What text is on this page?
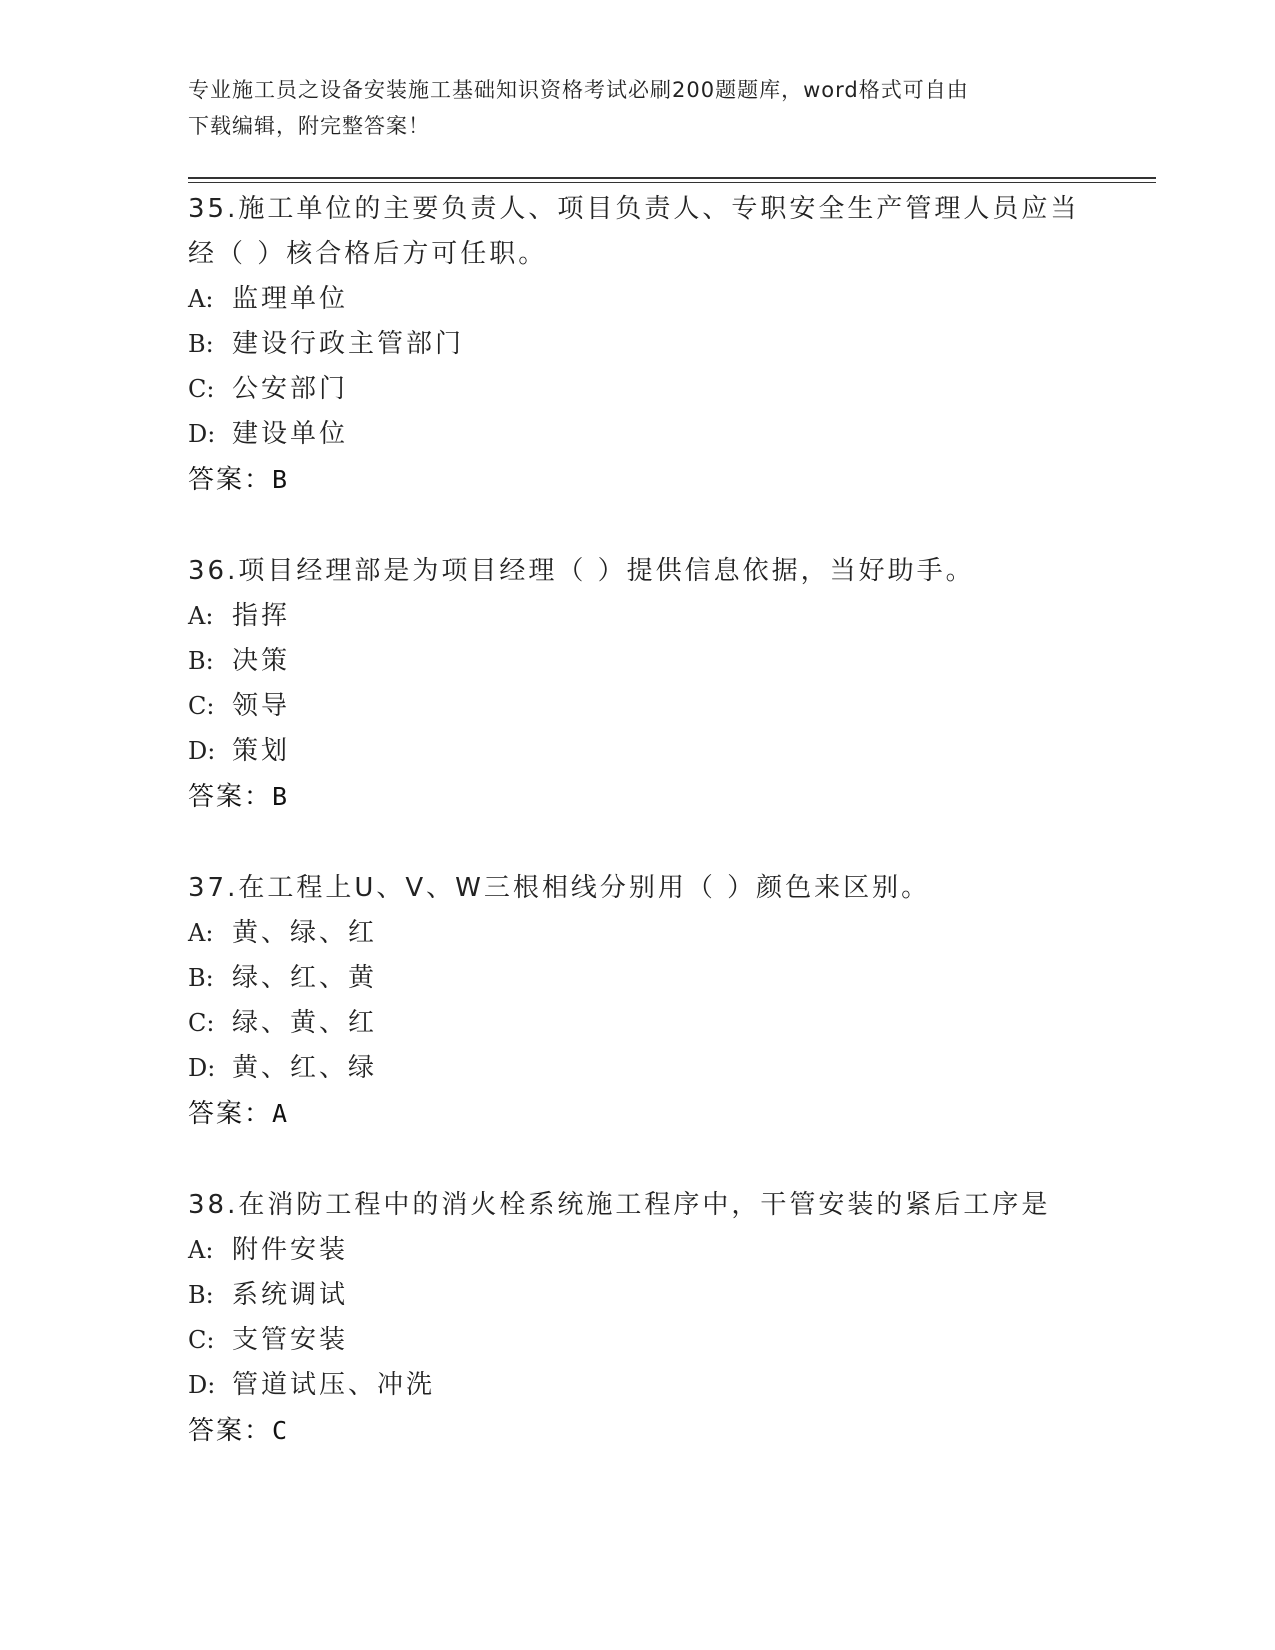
专业施工员之设备安装施工基础知识资格考试必刷200题题库，word格式可自由
下载编辑，附完整答案！
35.施工单位的主要负责人、项目负责人、专职安全生产管理人员应当
经（ ）核合格后方可任职。
A: 监理单位
B: 建设行政主管部门
C: 公安部门
D: 建设单位
答案：B
36.项目经理部是为项目经理（ ）提供信息依据，当好助手。
A: 指挥
B: 决策
C: 领导
D: 策划
答案：B
37.在工程上U、V、W三根相线分别用（ ）颜色来区别。
A: 黄、绿、红
B: 绿、红、黄
C: 绿、黄、红
D: 黄、红、绿
答案：A
38.在消防工程中的消火栓系统施工程序中，干管安装的紧后工序是
A: 附件安装
B: 系统调试
C: 支管安装
D: 管道试压、冲洗
答案：C
